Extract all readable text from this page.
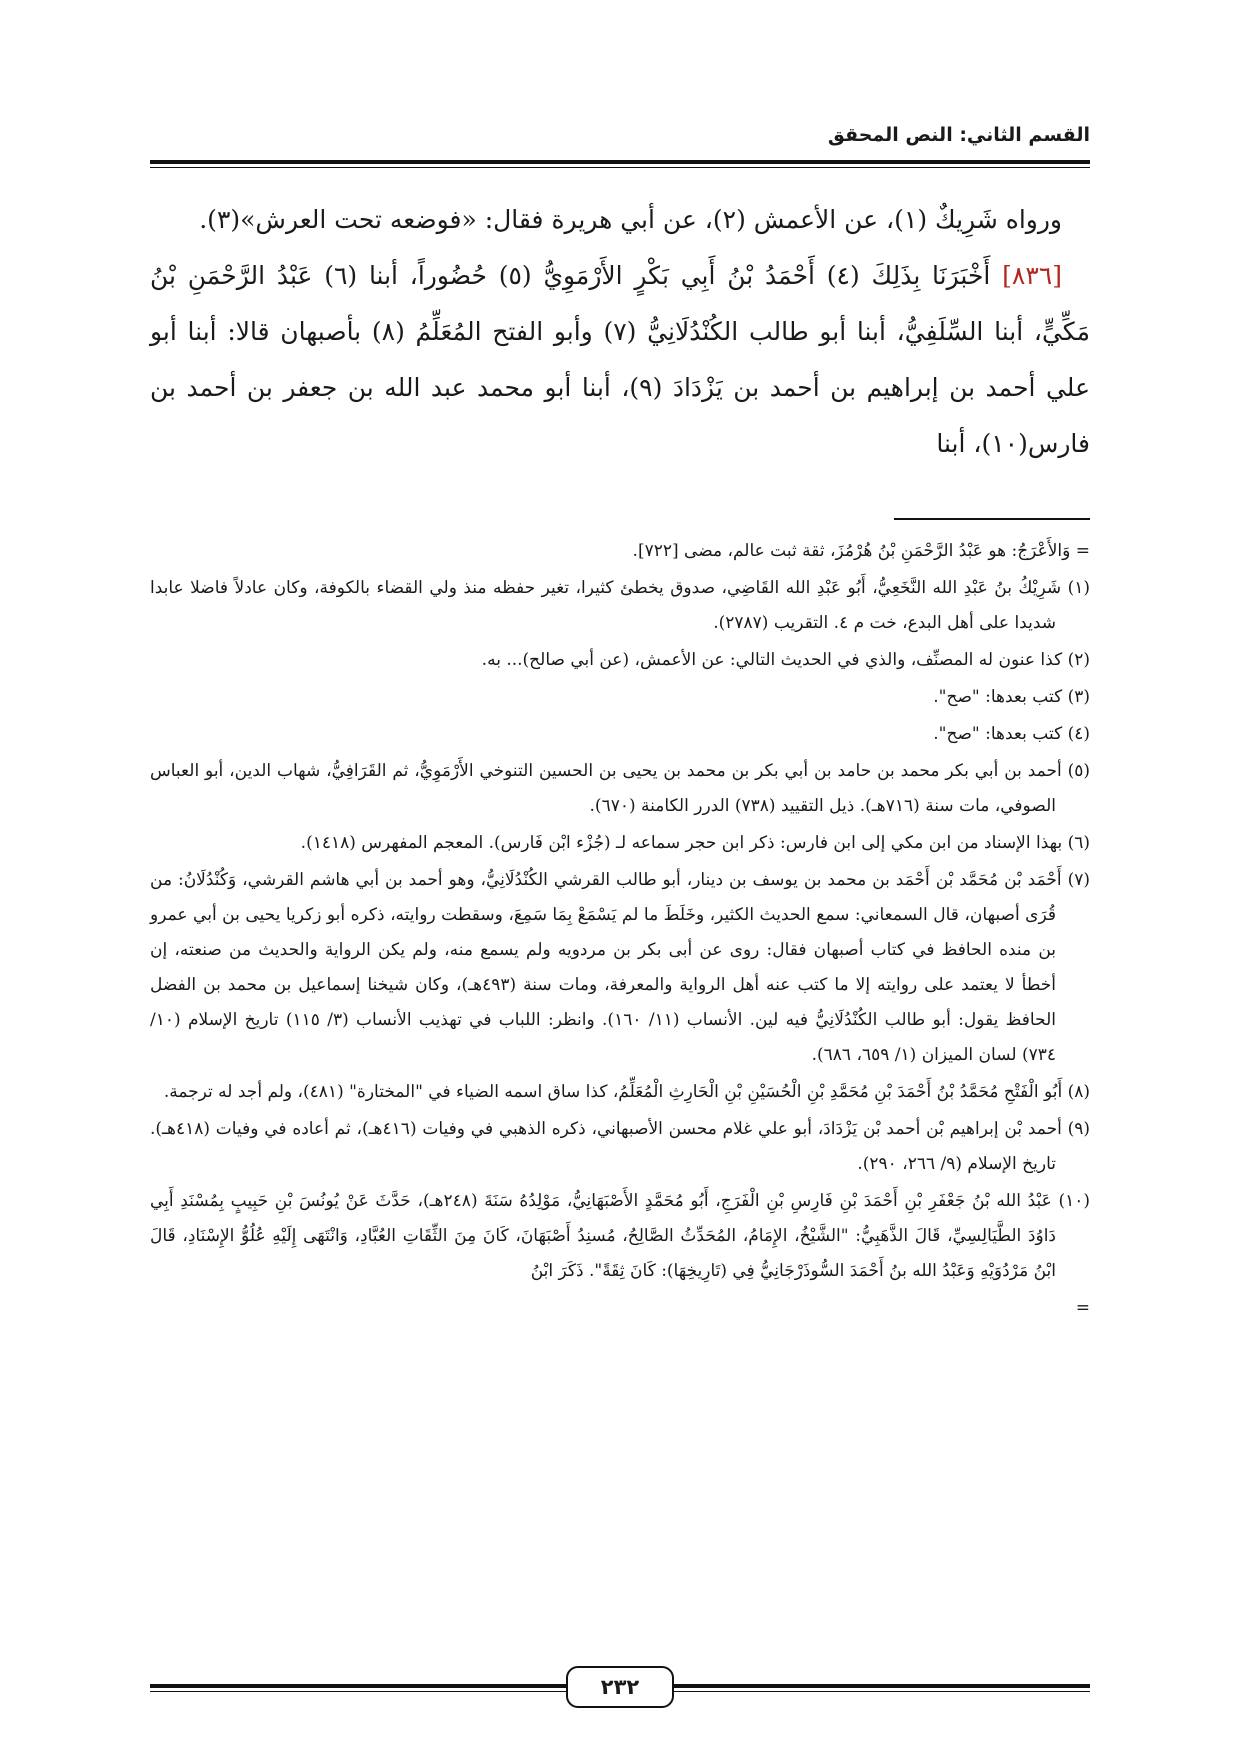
القسم الثاني: النص المحقق

ورواه شَرِيكٌ (١)، عن الأعمش (٢)، عن أبي هريرة فقال: «فوضعه تحت العرش»(٣).

[٨٣٦] أَخْبَرَنَا بِذَلِكَ (٤) أَحْمَدُ بْنُ أَبِي بَكْرٍ الأَرْمَوِيُّ (٥) حُضُوراً، أبنا (٦) عَبْدُ الرَّحْمَنِ بْنُ مَكِّيٍّ، أبنا السِّلَفِيُّ، أبنا أبو طالب الكُنْدُلَانِيُّ (٧) وأبو الفتح المُعَلِّمُ (٨) بأصبهان قالا: أبنا أبو علي أحمد بن إبراهيم بن أحمد بن يَزْدَادَ (٩)، أبنا أبو محمد عبد الله بن جعفر بن أحمد بن فارس(١٠)، أبنا

= وَالأَعْرَجُ: هو عَبْدُ الرَّحْمَنِ بْنُ هُرْمُزَ، ثقة ثبت عالم، مضى [٧٢٢].

(١) شَرِيْكُ بنُ عَبْدِ الله النَّخَعِيُّ، أَبُو عَبْدِ الله القَاضِي، صدوق يخطئ كثيرا، تغير حفظه منذ ولي القضاء بالكوفة، وكان عادلاً فاضلا عابدا شديدا على أهل البدع، خت م ٤. التقريب (٢٧٨٧).

(٢) كذا عنون له المصنِّف، والذي في الحديث التالي: عن الأعمش، (عن أبي صالح)... به.

(٣) كتب بعدها: "صح".

(٤) كتب بعدها: "صح".

(٥) أحمد بن أبي بكر محمد بن حامد بن أبي بكر بن محمد بن يحيى بن الحسين التنوخي الأَرْمَوِيُّ، ثم القَرَافِيُّ، شهاب الدين، أبو العباس الصوفي، مات سنة (٧١٦هـ). ذيل التقييد (٧٣٨) الدرر الكامنة (٦٧٠).

(٦) بهذا الإسناد من ابن مكي إلى ابن فارس: ذكر ابن حجر سماعه لـ (جُزْء ابْن فَارس). المعجم المفهرس (١٤١٨).

(٧) أَحْمَد بْن مُحَمَّد بْن أَحْمَد بن محمد بن يوسف بن دينار، أبو طالب القرشي الكُنْدُلَانِيُّ، وهو أحمد بن أبي هاشم القرشي، وَكُنْدُلَانُ: من قُرَى أصبهان، قال السمعاني: سمع الحديث الكثير، وخَلَطَ ما لم يَسْمَعْ بِمَا سَمِعَ، وسقطت روايته، ذكره أبو زكريا يحيى بن أبي عمرو بن منده الحافظ في كتاب أصبهان فقال: روى عن أبى بكر بن مردويه ولم يسمع منه، ولم يكن الرواية والحديث من صنعته، إن أخطأ لا يعتمد على روايته إلا ما كتب عنه أهل الرواية والمعرفة، ومات سنة (٤٩٣هـ)، وكان شيخنا إسماعيل بن محمد بن الفضل الحافظ يقول: أبو طالب الكُنْدُلَانِيُّ فيه لين. الأنساب (١١/ ١٦٠). وانظر: اللباب في تهذيب الأنساب (٣/ ١١٥) تاريخ الإسلام (١٠/ ٧٣٤) لسان الميزان (١/ ٦٥٩، ٦٨٦).

(٨) أَبُو الْفَتْحِ مُحَمَّدُ بْنُ أَحْمَدَ بْنِ مُحَمَّدِ بْنِ الْحُسَيْنِ بْنِ الْحَارِثِ الْمُعَلِّمُ، كذا ساق اسمه الضياء في "المختارة" (٤٨١)، ولم أجد له ترجمة.

(٩) أحمد بْن إبراهيم بْن أحمد بْن يَزْدَادَ، أبو علي غلام محسن الأصبهاني، ذكره الذهبي في وفيات (٤١٦هـ)، ثم أعاده في وفيات (٤١٨هـ). تاريخ الإسلام (٩/ ٢٦٦، ٢٩٠).

(١٠) عَبْدُ الله بْنُ جَعْفَرِ بْنِ أَحْمَدَ بْنِ فَارِسِ بْنِ الْفَرَجِ، أَبُو مُحَمَّدٍ الأَصْبَهَانِيُّ، مَوْلِدُهُ سَنَةَ (٢٤٨هـ)، حَدَّثَ عَنْ يُونُسَ بْنِ حَبِيبٍ بِمُسْنَدِ أَبِي دَاوُدَ الطَّيَالِسِيِّ، قَالَ الذَّهَبِيُّ: "الشَّيْخُ، الإِمَامُ، المُحَدِّثُ الصَّالِحُ، مُسنِدُ أَصْبَهَانَ، كَانَ مِنَ الثِّقَاتِ العُبَّادِ، وَانْتَهَى إِلَيْهِ عُلُوُّ الإِسْنَادِ، قَالَ ابْنُ مَرْدُوَيْهِ وَعَبْدُ الله بنُ أَحْمَدَ السُّوذَرْجَانِيُّ فِي (تَارِيخِهَا): كَانَ ثِقَةً". ذَكَرَ ابْنُ

=

٢٣٢
